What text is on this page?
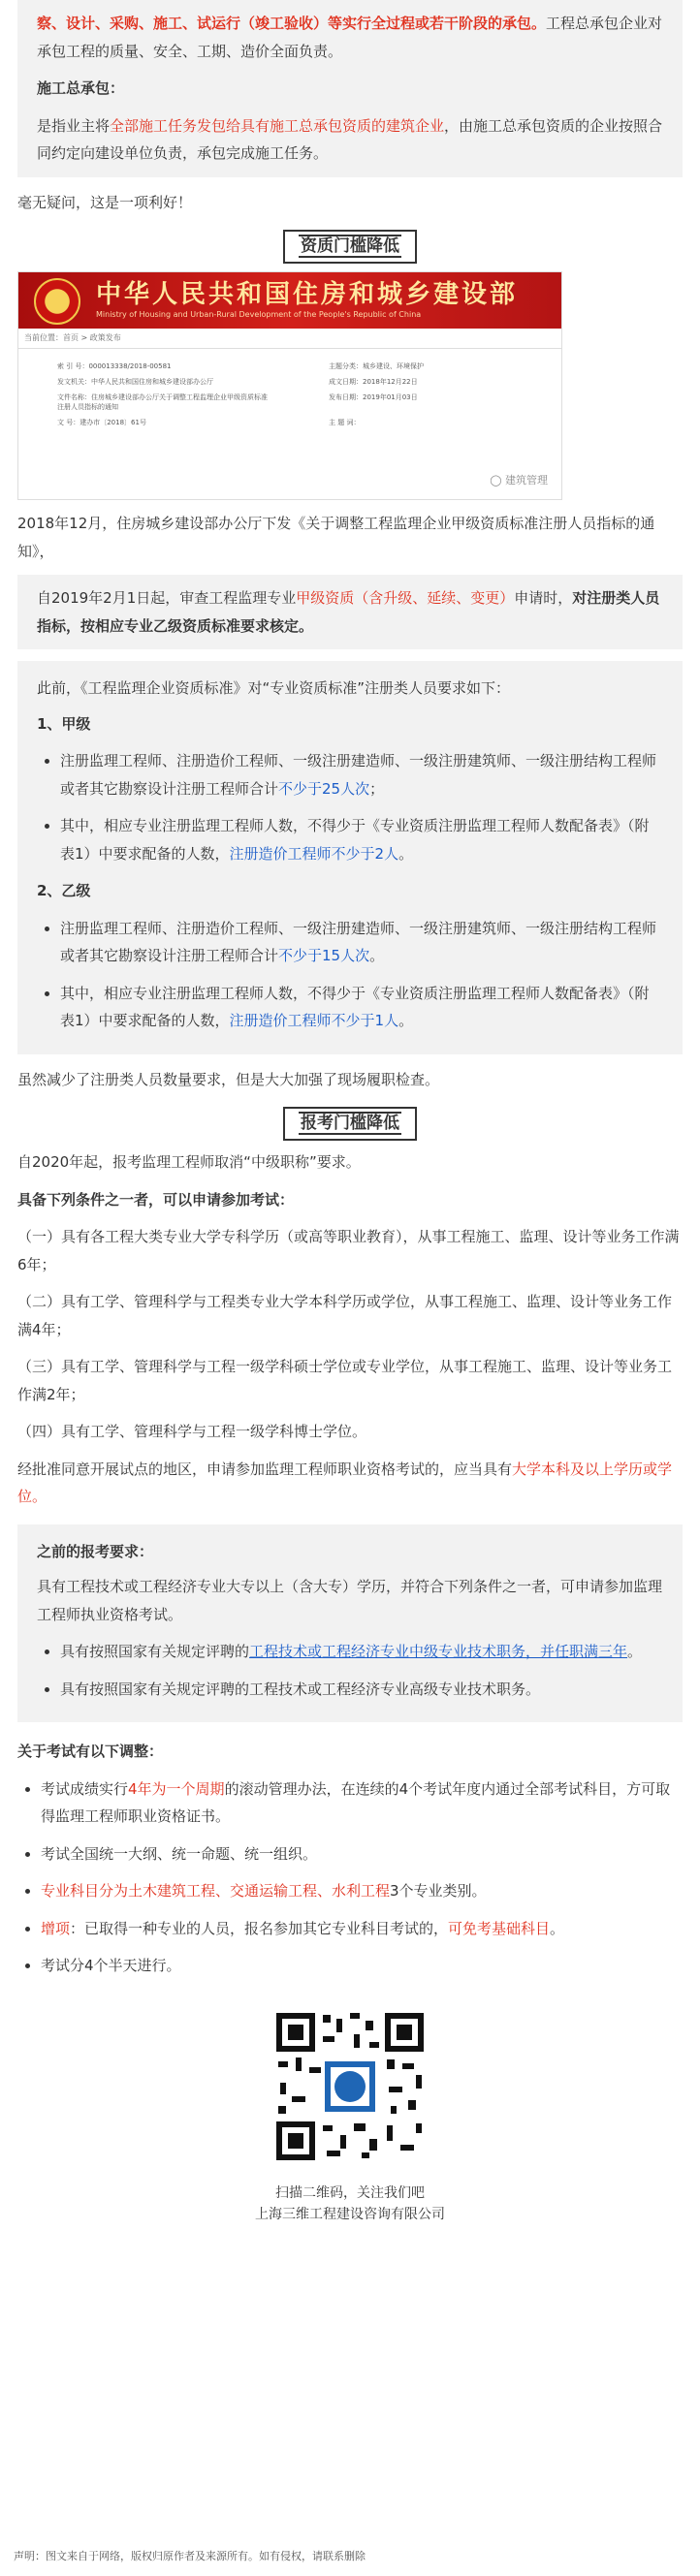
察、设计、采购、施工、试运行（竣工验收）等实行全过程或若干阶段的承包。工程总承包企业对承包工程的质量、安全、工期、造价全面负责。

施工总承包：

是指业主将全部施工任务发包给具有施工总承包资质的建筑企业，由施工总承包资质的企业按照合同约定向建设单位负责，承包完成施工任务。

毫无疑问，这是一项利好！

资质门槛降低
中华人民共和国住房和城乡建设部
Ministry of Housing and Urban-Rural Development of the People's Republic of China
当前位置：首页 > 政策发布
索 引 号：000013338/2018-00581
发文机关：中华人民共和国住房和城乡建设部办公厅
文件名称：住房城乡建设部办公厅关于调整工程监理企业甲级资质标准注册人员指标的通知
文 号：建办市〔2018〕61号
主题分类：城乡建设、环境保护
成文日期：2018年12月22日
发布日期：2019年01月03日
主 题 词：
◯ 建筑管理

2018年12月，住房城乡建设部办公厅下发《关于调整工程监理企业甲级资质标准注册人员指标的通知》，

自2019年2月1日起，审查工程监理专业甲级资质（含升级、延续、变更）申请时，对注册类人员指标，按相应专业乙级资质标准要求核定。

此前，《工程监理企业资质标准》对“专业资质标准”注册类人员要求如下：

1、甲级

• 注册监理工程师、注册造价工程师、一级注册建造师、一级注册建筑师、一级注册结构工程师或者其它勘察设计注册工程师合计不少于25人次；
• 其中，相应专业注册监理工程师人数，不得少于《专业资质注册监理工程师人数配备表》（附表1）中要求配备的人数，注册造价工程师不少于2人。

2、乙级

• 注册监理工程师、注册造价工程师、一级注册建造师、一级注册建筑师、一级注册结构工程师或者其它勘察设计注册工程师合计不少于15人次。
• 其中，相应专业注册监理工程师人数，不得少于《专业资质注册监理工程师人数配备表》（附表1）中要求配备的人数，注册造价工程师不少于1人。

虽然减少了注册类人员数量要求，但是大大加强了现场履职检查。

报考门槛降低

自2020年起，报考监理工程师取消“中级职称”要求。

具备下列条件之一者，可以申请参加考试：

（一）具有各工程大类专业大学专科学历（或高等职业教育），从事工程施工、监理、设计等业务工作满6年；

（二）具有工学、管理科学与工程类专业大学本科学历或学位，从事工程施工、监理、设计等业务工作满4年；

（三）具有工学、管理科学与工程一级学科硕士学位或专业学位，从事工程施工、监理、设计等业务工作满2年；

（四）具有工学、管理科学与工程一级学科博士学位。

经批准同意开展试点的地区，申请参加监理工程师职业资格考试的，应当具有大学本科及以上学历或学位。

之前的报考要求：

具有工程技术或工程经济专业大专以上（含大专）学历，并符合下列条件之一者，可申请参加监理工程师执业资格考试。

• 具有按照国家有关规定评聘的工程技术或工程经济专业中级专业技术职务，并任职满三年。
• 具有按照国家有关规定评聘的工程技术或工程经济专业高级专业技术职务。

关于考试有以下调整：

• 考试成绩实行4年为一个周期的滚动管理办法，在连续的4个考试年度内通过全部考试科目，方可取得监理工程师职业资格证书。
• 考试全国统一大纲、统一命题、统一组织。
• 专业科目分为土木建筑工程、交通运输工程、水利工程3个专业类别。
• 增项：已取得一种专业的人员，报名参加其它专业科目考试的，可免考基础科目。
• 考试分4个半天进行。

扫描二维码，关注我们吧

上海三维工程建设咨询有限公司

声明：图文来自于网络，版权归原作者及来源所有。如有侵权，请联系删除
